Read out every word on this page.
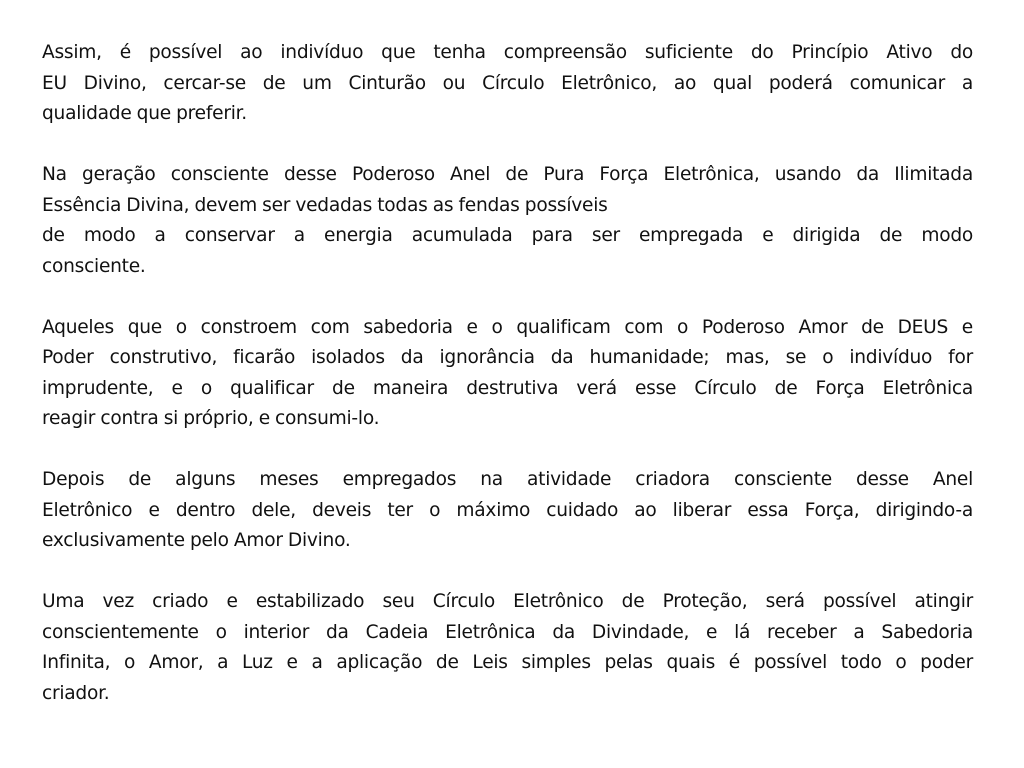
Assim, é possível ao indivíduo que tenha compreensão suficiente do Princípio Ativo do
EU Divino, cercar-se de um Cinturão ou Círculo Eletrônico, ao qual poderá comunicar a
qualidade que preferir.

Na geração consciente desse Poderoso Anel de Pura Força Eletrônica, usando da Ilimitada
Essência Divina, devem ser vedadas todas as fendas possíveis

de modo a conservar a energia acumulada para ser empregada e dirigida de modo
consciente.

Aqueles que o constroem com sabedoria e o qualificam com o Poderoso Amor de DEUS e
Poder construtivo, ficarão isolados da ignorância da humanidade; mas, se o indivíduo for
imprudente, e o qualificar de maneira destrutiva verá esse Círculo de Força Eletrônica
reagir contra si próprio, e consumi-lo.

Depois de alguns meses empregados na atividade criadora consciente desse Anel
Eletrônico e dentro dele, deveis ter o máximo cuidado ao liberar essa Força, dirigindo-a
exclusivamente pelo Amor Divino.

Uma vez criado e estabilizado seu Círculo Eletrônico de Proteção, será possível atingir
conscientemente o interior da Cadeia Eletrônica da Divindade, e lá receber a Sabedoria
Infinita, o Amor, a Luz e a aplicação de Leis simples pelas quais é possível todo o poder
criador.
